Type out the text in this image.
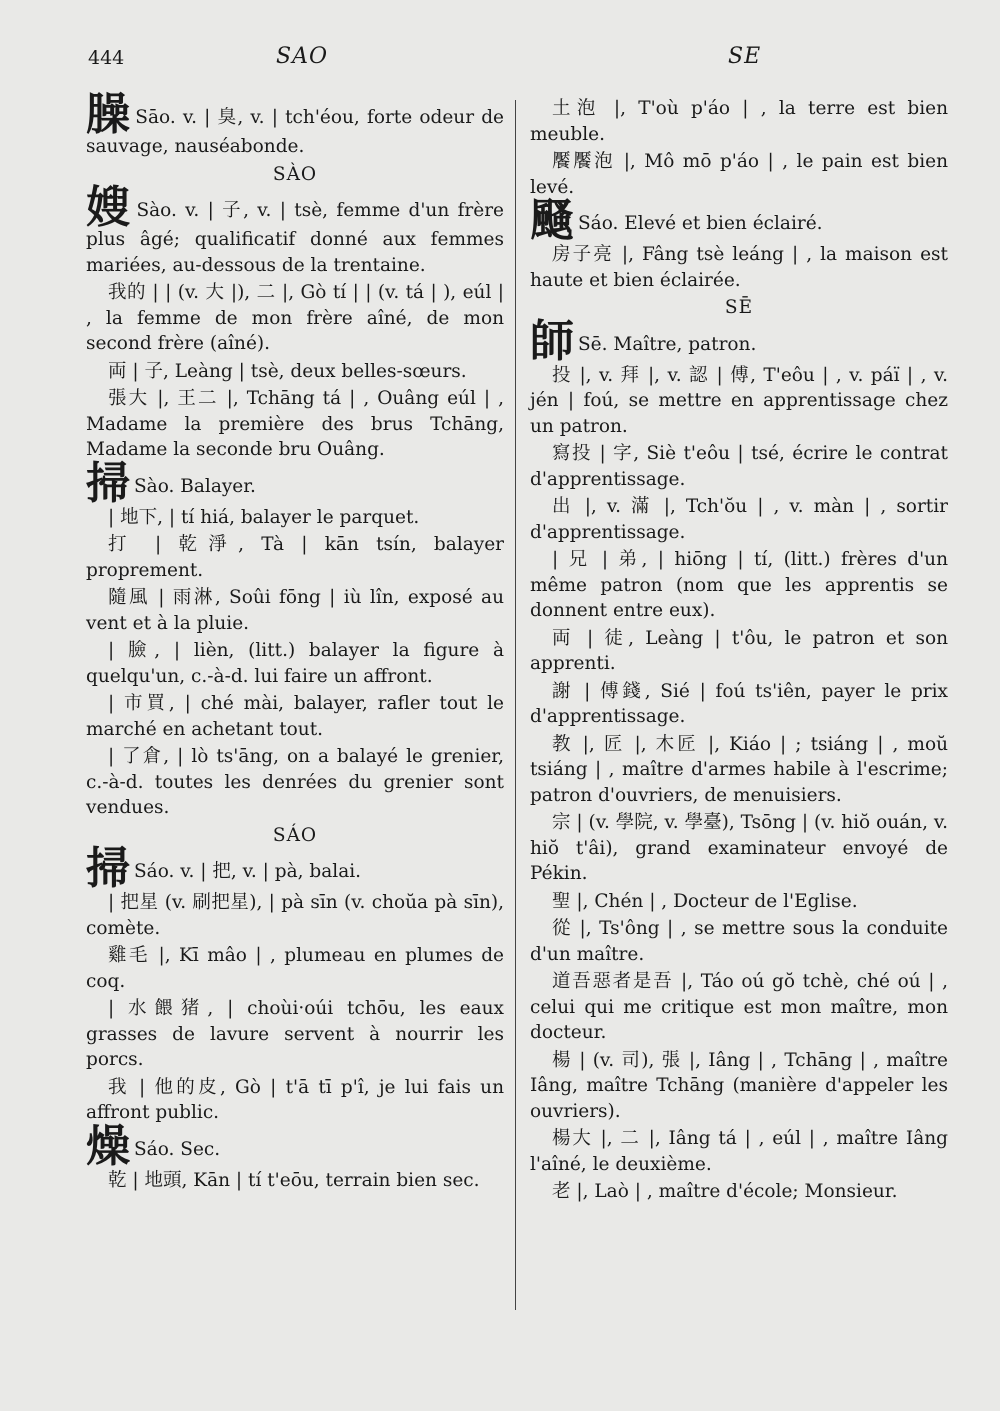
444	SAO	SE

臊 Sāo. v. | 臭, v. | tch'éou, forte odeur de sauvage, nauséabonde.

SÀO

嫂 Sào. v. | 子, v. | tsè, femme d'un frère plus âgé; qualificatif donné aux femmes mariées, au-dessous de la trentaine.

我的 | | (v. 大 |), 二 |, Gò tí | | (v. tá | ), eúl | , la femme de mon frère aîné, de mon second frère (aîné).

両 | 子, Leàng | tsè, deux belles-sœurs.

張大 |, 王二 |, Tchāng tá | , Ouâng eúl | , Madame la première des brus Tchāng, Madame la seconde bru Ouâng.

掃 Sào. Balayer.

| 地下, | tí hiá, balayer le parquet.

打 | 乾淨, Tà | kān tsín, balayer proprement.

隨風 | 雨淋, Soûi fōng | iù lîn, exposé au vent et à la pluie.

| 臉, | lièn, (litt.) balayer la figure à quelqu'un, c.-à-d. lui faire un affront.

| 市買, | ché mài, balayer, rafler tout le marché en achetant tout.

| 了倉, | lò ts'āng, on a balayé le grenier, c.-à-d. toutes les denrées du grenier sont vendues.

SÁO

掃 Sáo. v. | 把, v. | pà, balai.

| 把星 (v. 刷把星), | pà sīn (v. choŭa pà sīn), comète.

雞毛 |, Kī mâo | , plumeau en plumes de coq.

| 水餵猪, | choùi·oúi tchōu, les eaux grasses de lavure servent à nourrir les porcs.

我 | 他的皮, Gò | t'ā tī p'î, je lui fais un affront public.

燥 Sáo. Sec.

乾 | 地頭, Kān | tí t'eōu, terrain bien sec.

土泡 |, T'où p'áo | , la terre est bien meuble.

饜饜泡 |, Mô mō p'áo | , le pain est bien levé.

颾 Sáo. Elevé et bien éclairé.

房子亮 |, Fâng tsè leáng | , la maison est haute et bien éclairée.

SĒ

師 Sē. Maître, patron.

投 |, v. 拜 |, v. 認 | 傅, T'eôu | , v. páï | , v. jén | foú, se mettre en apprentissage chez un patron.

寫投 | 字, Siè t'eôu | tsé, écrire le contrat d'apprentissage.

出 |, v. 滿 |, Tch'ŏu | , v. màn | , sortir d'apprentissage.

| 兄 | 弟, | hiōng | tí, (litt.) frères d'un même patron (nom que les apprentis se donnent entre eux).

両 | 徒, Leàng | t'ôu, le patron et son apprenti.

謝 | 傅錢, Sié | foú ts'iên, payer le prix d'apprentissage.

教 |, 匠 |, 木匠 |, Kiáo | ; tsiáng | , moŭ tsiáng | , maître d'armes habile à l'escrime; patron d'ouvriers, de menuisiers.

宗 | (v. 學院, v. 學臺), Tsōng | (v. hiŏ ouán, v. hiŏ t'âi), grand examinateur envoyé de Pékin.

聖 |, Chén | , Docteur de l'Eglise.

從 |, Ts'ông | , se mettre sous la conduite d'un maître.

道吾惡者是吾 |, Táo oú gŏ tchè, ché oú | , celui qui me critique est mon maître, mon docteur.

楊 | (v. 司), 張 |, Iâng | , Tchāng | , maître Iâng, maître Tchāng (manière d'appeler les ouvriers).

楊大 |, 二 |, Iâng tá | , eúl | , maître Iâng l'aîné, le deuxième.

老 |, Laò | , maître d'école; Monsieur.
